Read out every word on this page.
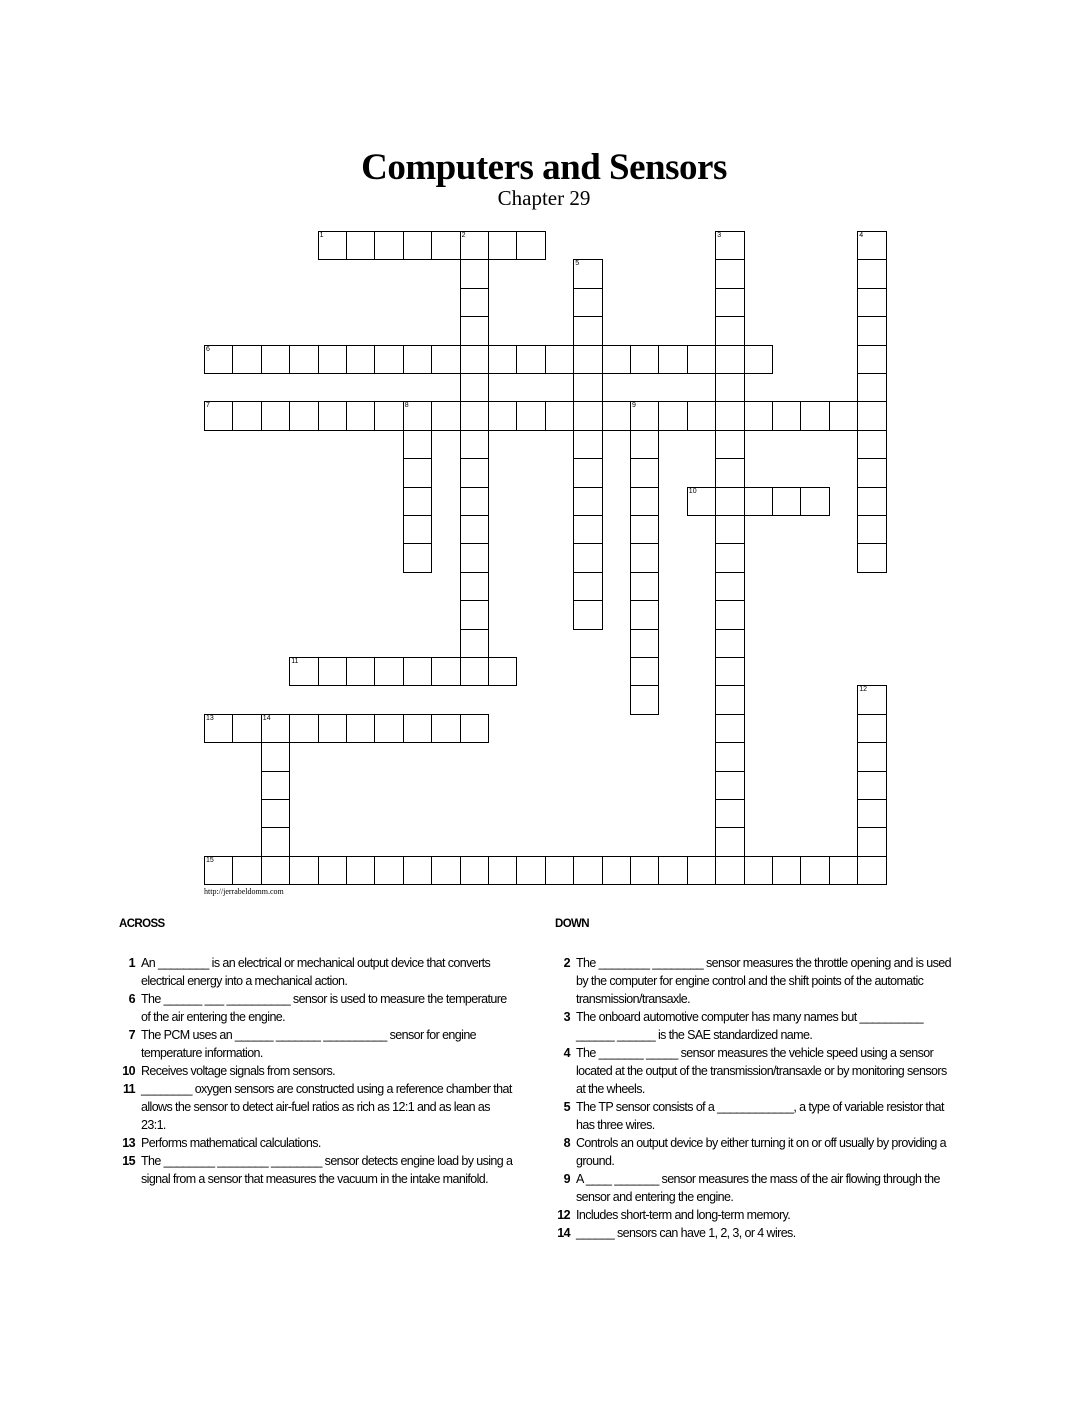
Computers and Sensors
Chapter 29
1	2
6
7	8	9
10
11
13	14
15
3	4
5
12
http://jerrabeldomm.com
ACROSS	DOWN
1 An ________ is an electrical or mechanical output device that converts electrical energy into a mechanical action.
6 The ______ ___ __________ sensor is used to measure the temperature of the air entering the engine.
7 The PCM uses an ______ _______ __________ sensor for engine temperature information.
10 Receives voltage signals from sensors.
11 ________ oxygen sensors are constructed using a reference chamber that allows the sensor to detect air-fuel ratios as rich as 12:1 and as lean as 23:1.
13 Performs mathematical calculations.
15 The ________ ________ ________ sensor detects engine load by using a signal from a sensor that measures the vacuum in the intake manifold.
2 The ________ ________ sensor measures the throttle opening and is used by the computer for engine control and the shift points of the automatic transmission/transaxle.
3 The onboard automotive computer has many names but __________ ______ ______ is the SAE standardized name.
4 The _______ _____ sensor measures the vehicle speed using a sensor located at the output of the transmission/transaxle or by monitoring sensors at the wheels.
5 The TP sensor consists of a ____________, a type of variable resistor that has three wires.
8 Controls an output device by either turning it on or off usually by providing a ground.
9 A ____ _______ sensor measures the mass of the air flowing through the sensor and entering the engine.
12 Includes short-term and long-term memory.
14 ______ sensors can have 1, 2, 3, or 4 wires.
